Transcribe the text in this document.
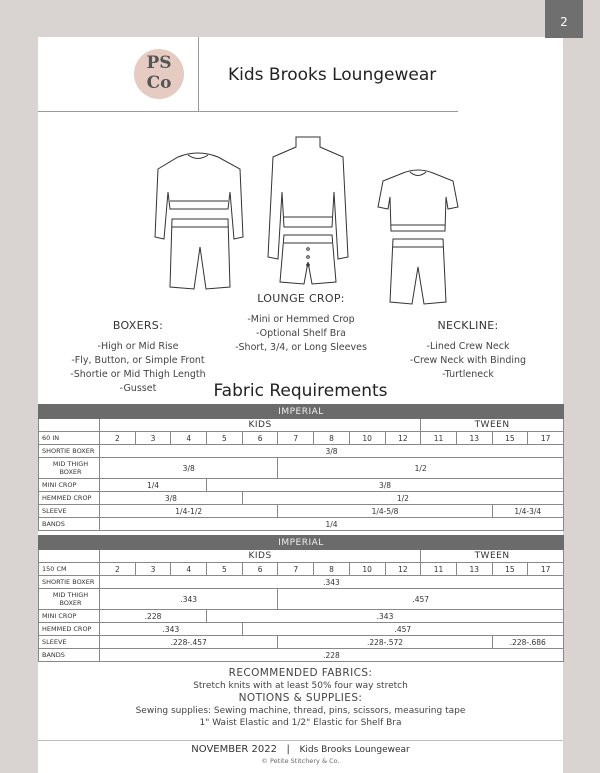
PS
Co	Kids Brooks Loungewear
BOXERS:
-High or Mid Rise
-Fly, Button, or Simple Front
-Shortie or Mid Thigh Length
-Gusset
LOUNGE CROP:
-Mini or Hemmed Crop
-Optional Shelf Bra
-Short, 3/4, or Long Sleeves
NECKLINE:
-Lined Crew Neck
-Crew Neck with Binding
-Turtleneck
Fabric Requirements
IMPERIAL													
	KIDS									TWEEN			
60 IN	2	3	4	5	6	7	8	10	12	11	13	15	17
SHORTIE BOXER	3/8												
MID THIGH BOXER	3/8					1/2							
MINI CROP	1/4			3/8									
HEMMED CROP	3/8				1/2								
SLEEVE	1/4-1/2					1/4-5/8						1/4-3/4	
BANDS	1/4												
IMPERIAL													
	KIDS									TWEEN			
150 CM	2	3	4	5	6	7	8	10	12	11	13	15	17
SHORTIE BOXER	.343												
MID THIGH BOXER	.343					.457							
MINI CROP	.228			.343									
HEMMED CROP	.343				.457								
SLEEVE	.228-.457					.228-.572						.228-.686	
BANDS	.228												
RECOMMENDED FABRICS:
Stretch knits with at least 50% four way stretch
NOTIONS & SUPPLIES:
Sewing supplies: Sewing machine, thread, pins, scissors, measuring tape
1" Waist Elastic and 1/2" Elastic for Shelf Bra
NOVEMBER 2022 | Kids Brooks Loungewear
© Petite Stitchery & Co.
2
